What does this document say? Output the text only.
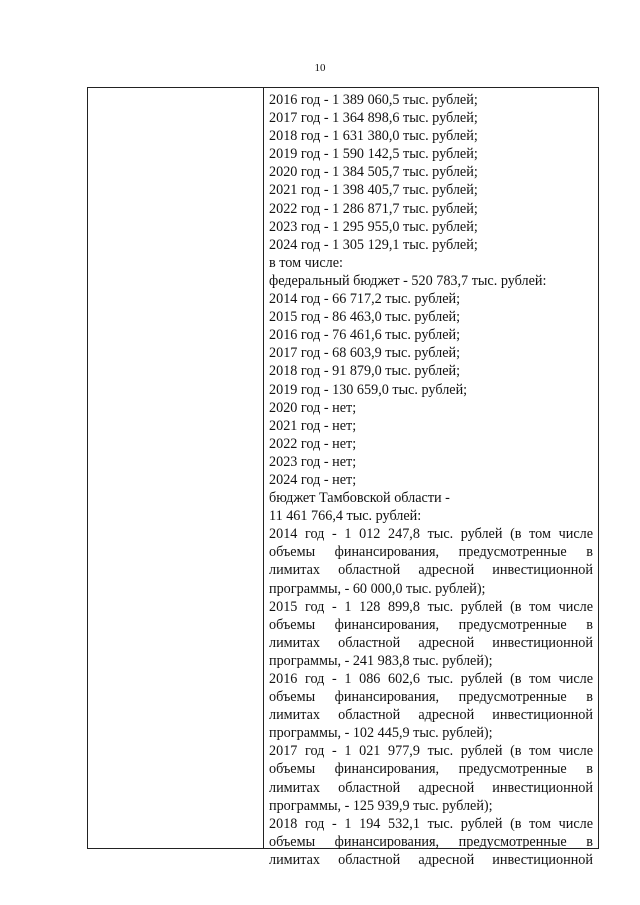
10
2016 год - 1 389 060,5 тыс. рублей;
2017 год - 1 364 898,6 тыс. рублей;
2018 год - 1 631 380,0 тыс. рублей;
2019 год - 1 590 142,5 тыс. рублей;
2020 год - 1 384 505,7 тыс. рублей;
2021 год - 1 398 405,7 тыс. рублей;
2022 год - 1 286 871,7 тыс. рублей;
2023 год - 1 295 955,0 тыс. рублей;
2024 год - 1 305 129,1 тыс. рублей;
в том числе:
федеральный бюджет - 520 783,7 тыс. рублей:
2014 год - 66 717,2 тыс. рублей;
2015 год - 86 463,0 тыс. рублей;
2016 год - 76 461,6 тыс. рублей;
2017 год - 68 603,9 тыс. рублей;
2018 год - 91 879,0 тыс. рублей;
2019 год - 130 659,0 тыс. рублей;
2020 год - нет;
2021 год - нет;
2022 год - нет;
2023 год - нет;
2024 год - нет;
бюджет Тамбовской области -
11 461 766,4 тыс. рублей:
2014 год - 1 012 247,8 тыс. рублей (в том числе
объемы финансирования, предусмотренные в
лимитах областной адресной инвестиционной
программы, - 60 000,0 тыс. рублей);
2015 год - 1 128 899,8 тыс. рублей (в том числе
объемы финансирования, предусмотренные в
лимитах областной адресной инвестиционной
программы, - 241 983,8 тыс. рублей);
2016 год - 1 086 602,6 тыс. рублей (в том числе
объемы финансирования, предусмотренные в
лимитах областной адресной инвестиционной
программы, - 102 445,9 тыс. рублей);
2017 год - 1 021 977,9 тыс. рублей (в том числе
объемы финансирования, предусмотренные в
лимитах областной адресной инвестиционной
программы, - 125 939,9 тыс. рублей);
2018 год - 1 194 532,1 тыс. рублей (в том числе
объемы финансирования, предусмотренные в
лимитах областной адресной инвестиционной
